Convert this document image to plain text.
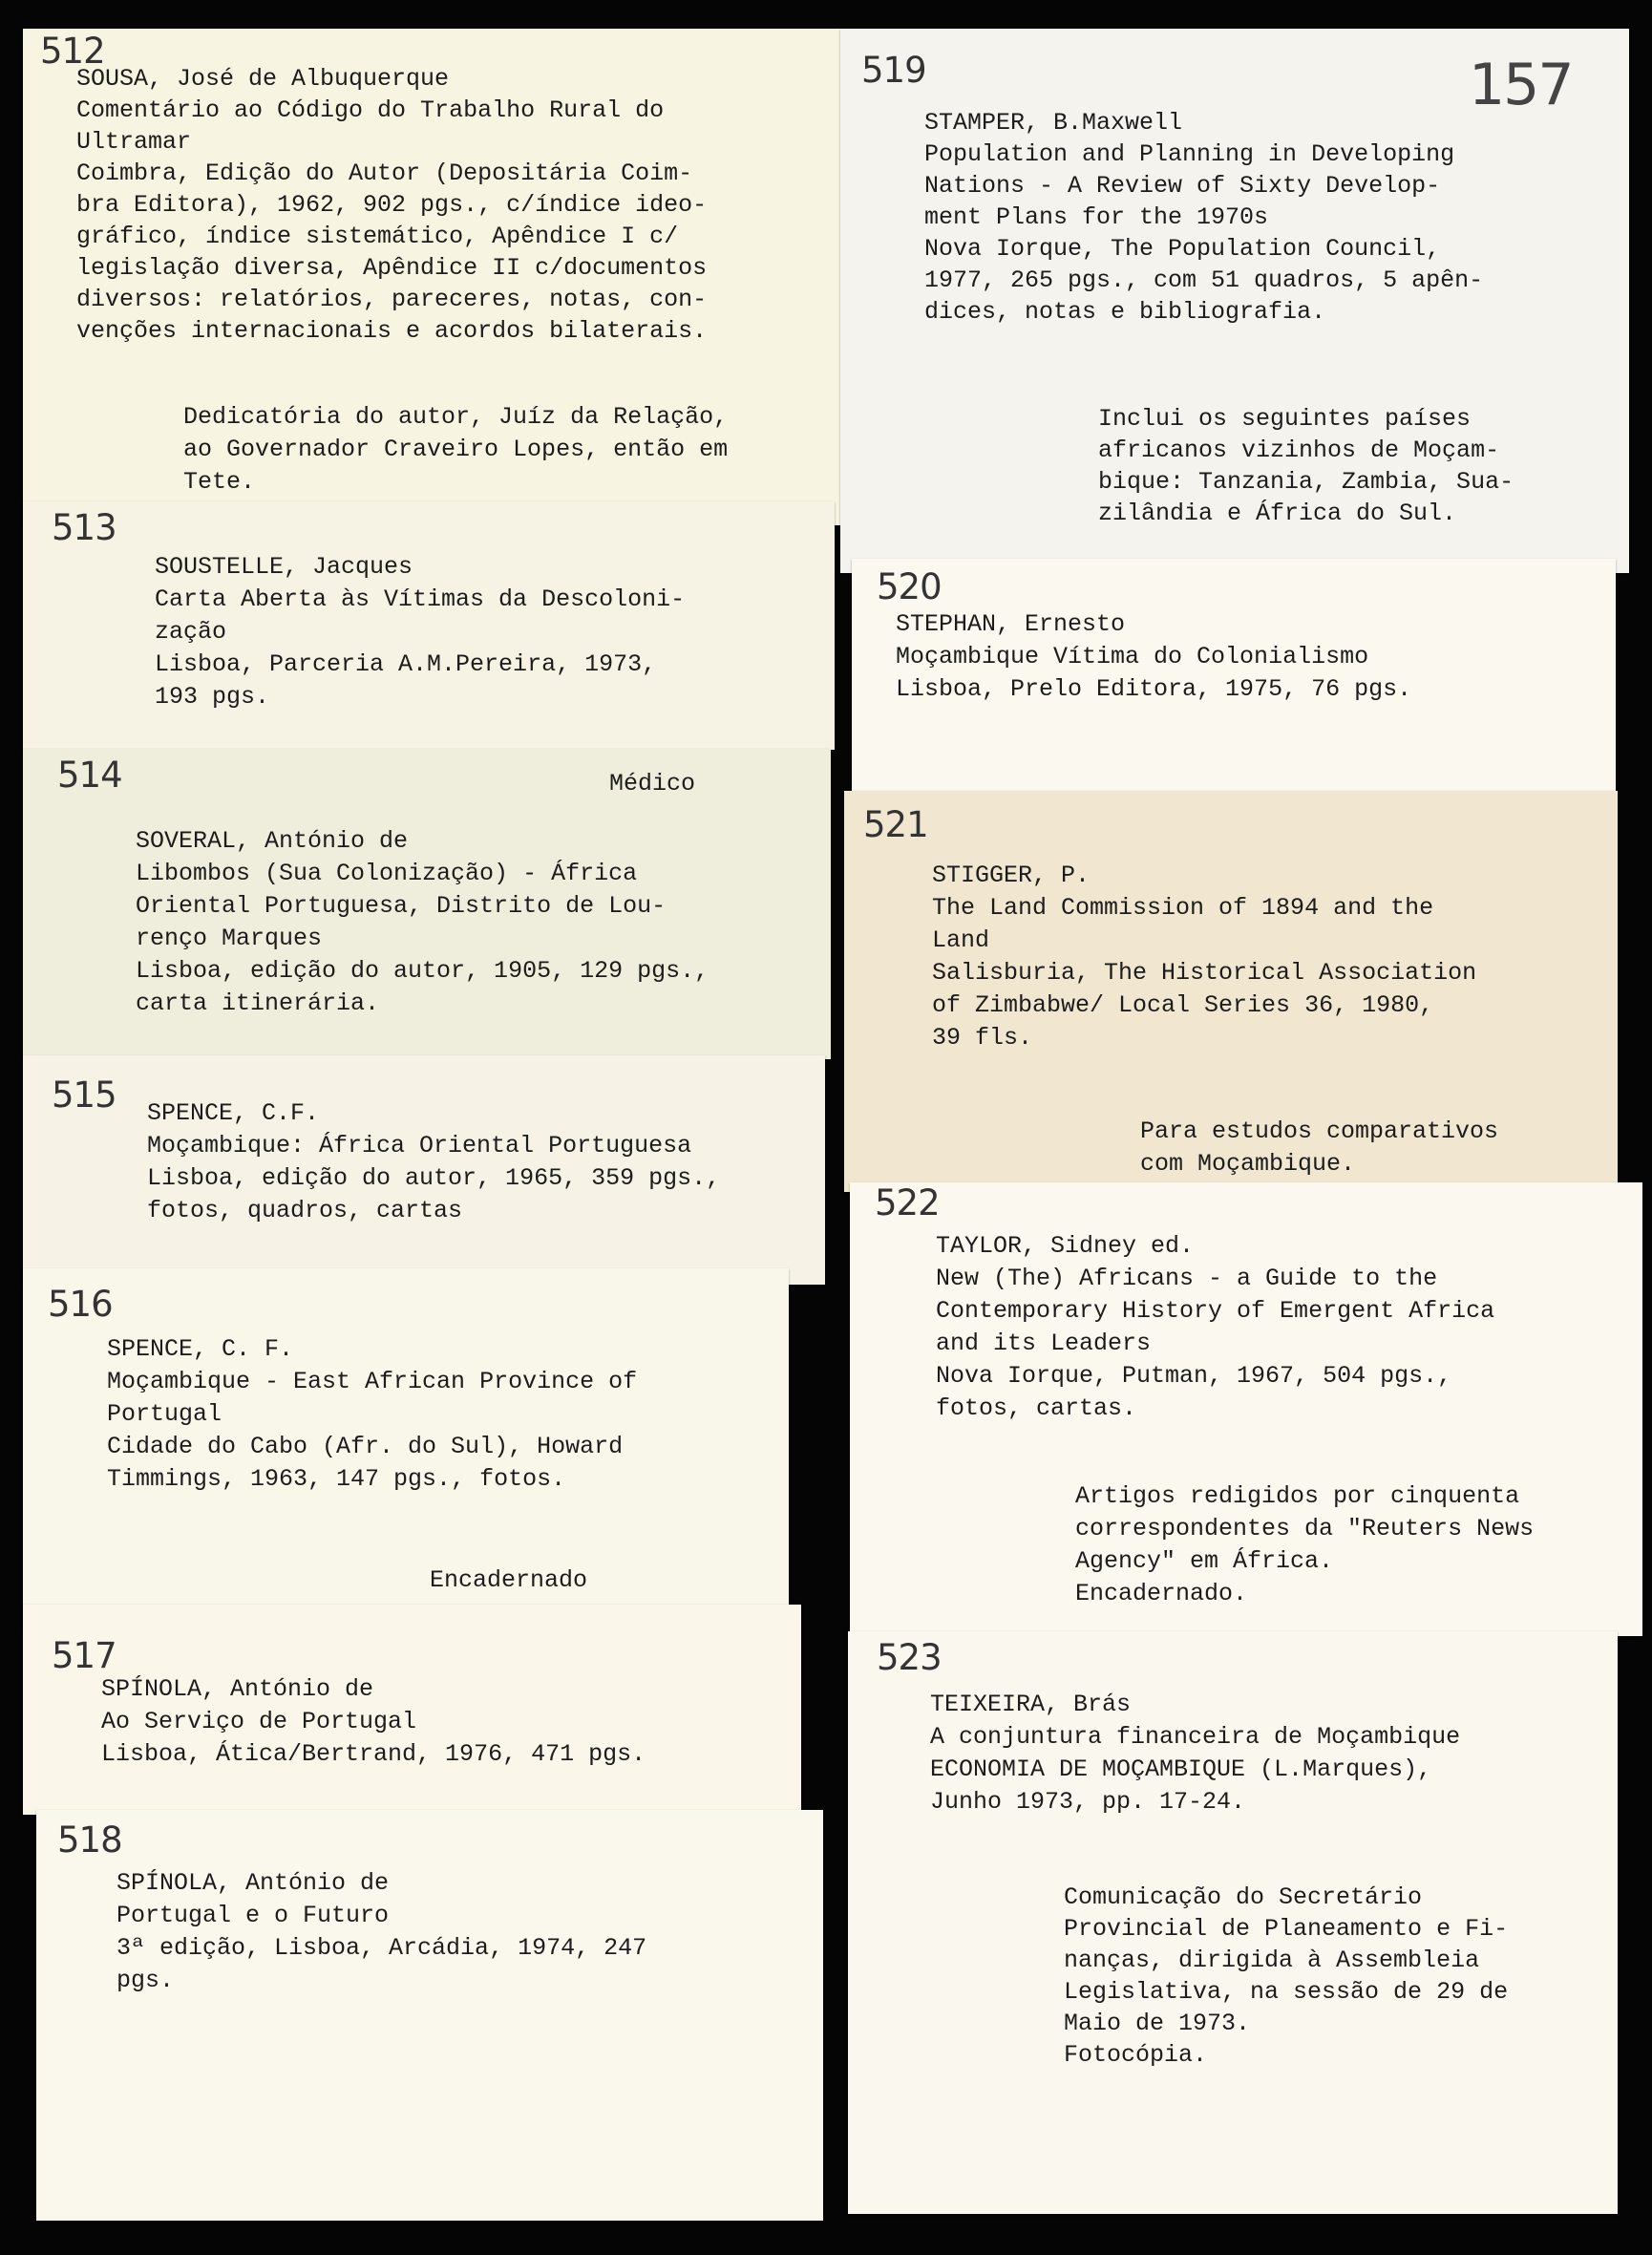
512

SOUSA, José de Albuquerque
Comentário ao Código do Trabalho Rural do
Ultramar
Coimbra, Edição do Autor (Depositária Coim-
bra Editora), 1962, 902 pgs., c/índice ideo-
gráfico, índice sistemático, Apêndice I c/
legislação diversa, Apêndice II c/documentos
diversos: relatórios, pareceres, notas, con-
venções internacionais e acordos bilaterais.

Dedicatória do autor, Juíz da Relação,
ao Governador Craveiro Lopes, então em
Tete.

513

SOUSTELLE, Jacques
Carta Aberta às Vítimas da Descoloni-
zação
Lisboa, Parceria A.M.Pereira, 1973,
193 pgs.

514	Médico

SOVERAL, António de
Libombos (Sua Colonização) - África
Oriental Portuguesa, Distrito de Lou-
renço Marques
Lisboa, edição do autor, 1905, 129 pgs.,
carta itinerária.

515 SPENCE, C.F.
Moçambique: África Oriental Portuguesa
Lisboa, edição do autor, 1965, 359 pgs.,
fotos, quadros, cartas

516

SPENCE, C. F.
Moçambique - East African Province of
Portugal
Cidade do Cabo (Afr. do Sul), Howard
Timmings, 1963, 147 pgs., fotos.

Encadernado

517

SPÍNOLA, António de
Ao Serviço de Portugal
Lisboa, Ática/Bertrand, 1976, 471 pgs.

518

SPÍNOLA, António de
Portugal e o Futuro
3ª edição, Lisboa, Arcádia, 1974, 247
pgs.

519

STAMPER, B.Maxwell
Population and Planning in Developing
Nations - A Review of Sixty Develop-
ment Plans for the 1970s
Nova Iorque, The Population Council,
1977, 265 pgs., com 51 quadros, 5 apên-
dices, notas e bibliografia.

Inclui os seguintes países
africanos vizinhos de Moçam-
bique: Tanzania, Zambia, Sua-
zilândia e África do Sul.

520

STEPHAN, Ernesto
Moçambique Vítima do Colonialismo
Lisboa, Prelo Editora, 1975, 76 pgs.

521

STIGGER, P.
The Land Commission of 1894 and the
Land
Salisburia, The Historical Association
of Zimbabwe/ Local Series 36, 1980,
39 fls.

Para estudos comparativos
com Moçambique.

522

TAYLOR, Sidney ed.
New (The) Africans - a Guide to the
Contemporary History of Emergent Africa
and its Leaders
Nova Iorque, Putman, 1967, 504 pgs.,
fotos, cartas.

Artigos redigidos por cinquenta
correspondentes da "Reuters News
Agency" em África.
Encadernado.

523

TEIXEIRA, Brás
A conjuntura financeira de Moçambique
ECONOMIA DE MOÇAMBIQUE (L.Marques),
Junho 1973, pp. 17-24.

Comunicação do Secretário
Provincial de Planeamento e Fi-
nanças, dirigida à Assembleia
Legislativa, na sessão de 29 de
Maio de 1973.
Fotocópia.

157
